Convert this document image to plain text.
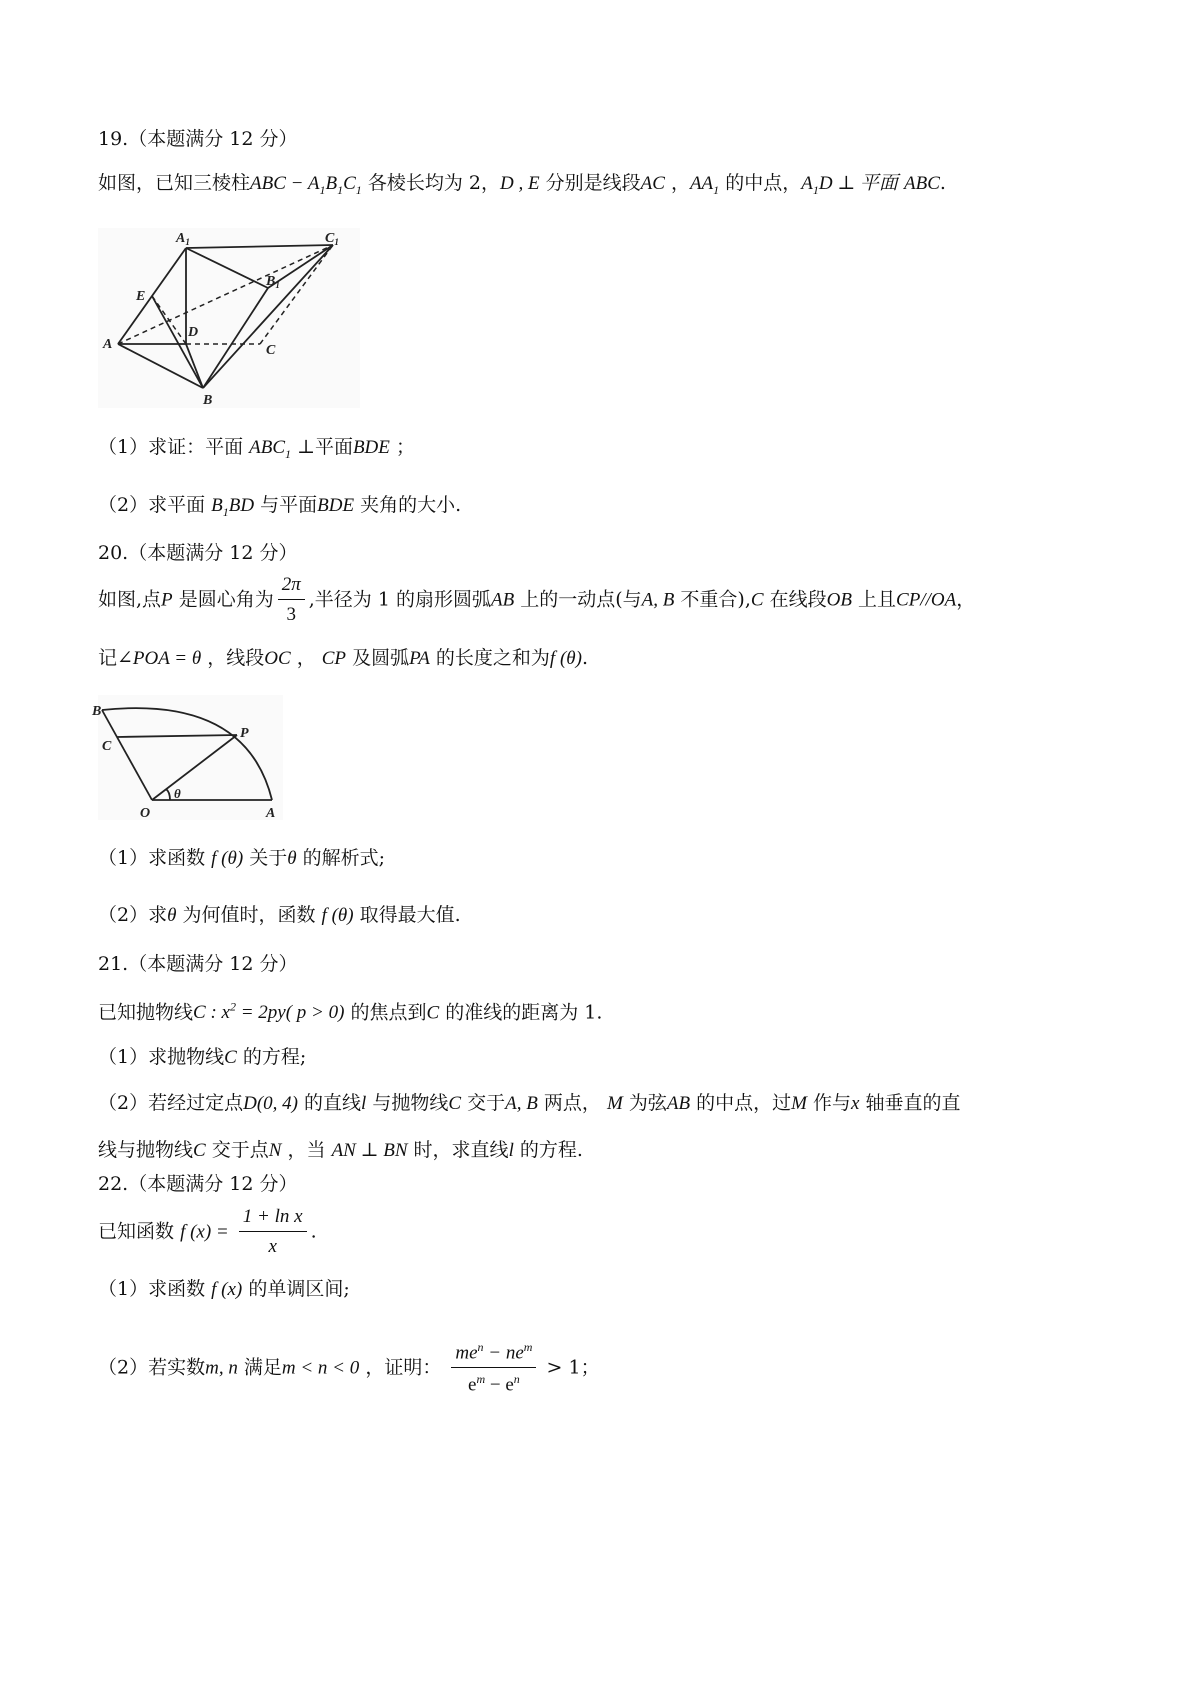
19.（本题满分 12 分）
如图，已知三棱柱ABC − $A_1B_1C_1$ 各棱长均为 2，D , E 分别是线段AC ，$AA_1$ 的中点，$A_1D$ ⊥ 平面 ABC.
$A_1$	$C_1$
$B_1$
E
D
A	C
B
（1）求证：平面 $ABC_1$ ⊥平面BDE ；
（2）求平面 $B_1BD$ 与平面BDE 夹角的大小.
20.（本题满分 12 分）
如图,点P 是圆心角为 $\frac{2\pi}{3}$ ,半径为 1 的扇形圆弧AB 上的一动点(与A, B 不重合),C 在线段OB 上且CP//OA，
记∠POA = θ ，线段OC ， CP 及圆弧PA 的长度之和为f (θ).
B
C
P
O
θ
A
（1）求函数 f (θ) 关于θ 的解析式;
（2）求θ 为何值时，函数 f (θ) 取得最大值.
21.（本题满分 12 分）
已知抛物线C : $x^2 = 2py$( p > 0) 的焦点到C 的准线的距离为 1.
（1）求抛物线C 的方程;
（2）若经过定点D(0, 4) 的直线l 与抛物线C 交于A, B 两点， M 为弦AB 的中点，过M 作与x 轴垂直的直
线与抛物线C 交于点N ，当 AN ⊥ BN 时，求直线l 的方程.
22.（本题满分 12 分）
已知函数 f $(x) = \frac{\text{1 + ln x}}{x}$ .
（1）求函数 f (x) 的单调区间;
（2）若实数m, n 满足m < n < 0 ，证明： $\frac{me^n - ne^m}{e^m - e^n} > 1$；
